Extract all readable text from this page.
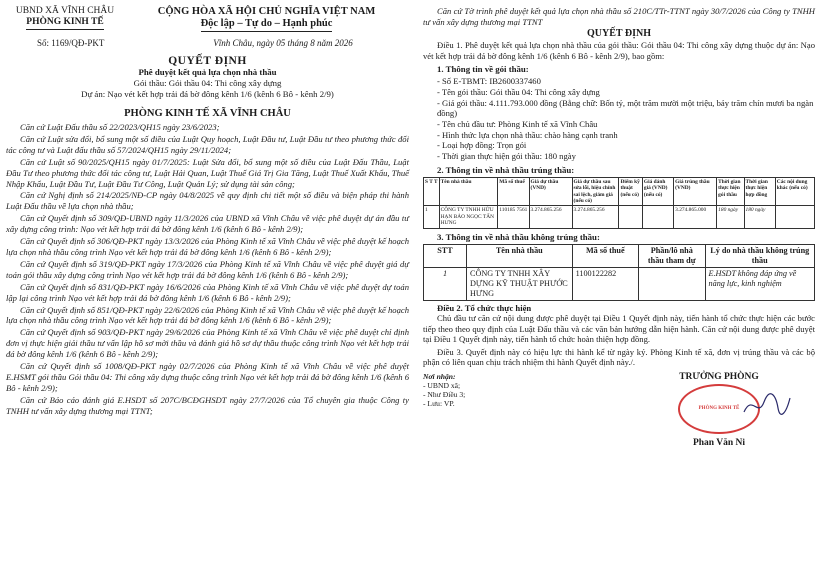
UBND XÃ VĨNH CHÂU
PHÒNG KINH TẾ
CỘNG HÒA XÃ HỘI CHỦ NGHĨA VIỆT NAM
Độc lập – Tự do – Hạnh phúc
Số: 1169/QĐ-PKT	Vĩnh Châu, ngày 05 tháng 8 năm 2026
QUYẾT ĐỊNH
Phê duyệt kết quả lựa chọn nhà thầu
Gói thầu: Gói thầu 04: Thi công xây dựng
Dự án: Nạo vét kết hợp trải đá bờ đông kênh 1/6 (kênh 6 Bô - kênh 2/9)
PHÒNG KINH TẾ XÃ VĨNH CHÂU

Căn cứ Luật Đấu thầu số 22/2023/QH15 ngày 23/6/2023;

Căn cứ Luật sửa đổi, bổ sung một số điều của Luật Quy hoạch, Luật Đầu tư, Luật Đầu tư theo phương thức đối tác công tư và Luật đấu thầu số 57/2024/QH15 ngày 29/11/2024;

Căn cứ Luật số 90/2025/QH15 ngày 01/7/2025: Luật Sửa đổi, bổ sung một số điều của Luật Đấu Thầu, Luật Đầu Tư theo phương thức đối tác công tư, Luật Hải Quan, Luật Thuế Giá Trị Gia Tăng, Luật Thuế Xuất Khẩu, Thuế Nhập Khẩu, Luật Đầu Tư, Luật Đầu Tư Công, Luật Quản Lý; sử dụng tài sản công;

Căn cứ Nghị định số 214/2025/NĐ-CP ngày 04/8/2025 về quy định chi tiết một số điều và biện pháp thi hành Luật Đấu thầu về lựa chọn nhà thầu;

Căn cứ Quyết định số 309/QĐ-UBND ngày 11/3/2026 của UBND xã Vĩnh Châu về việc phê duyệt dự án đầu tư xây dựng công trình: Nạo vét kết hợp trải đá bờ đông kênh 1/6 (kênh 6 Bô - kênh 2/9);

Căn cứ Quyết định số 306/QĐ-PKT ngày 13/3/2026 của Phòng Kinh tế xã Vĩnh Châu về việc phê duyệt kế hoạch lựa chọn nhà thầu công trình Nạo vét kết hợp trải đá bờ đông kênh 1/6 (kênh 6 Bô - kênh 2/9);

Căn cứ Quyết định số 319/QĐ-PKT ngày 17/3/2026 của Phòng Kinh tế xã Vĩnh Châu về việc phê duyệt giá dự toán gói thầu xây dựng công trình Nạo vét kết hợp trải đá bờ đông kênh 1/6 (kênh 6 Bô - kênh 2/9);

Căn cứ Quyết định số 831/QĐ-PKT ngày 16/6/2026 của Phòng Kinh tế xã Vĩnh Châu về việc phê duyệt dự toán lập lại công trình Nạo vét kết hợp trải đá bờ đông kênh 1/6 (kênh 6 Bô - kênh 2/9);

Căn cứ Quyết định số 851/QĐ-PKT ngày 22/6/2026 của Phòng Kinh tế xã Vĩnh Châu về việc phê duyệt kế hoạch lựa chọn nhà thầu công trình Nạo vét kết hợp trải đá bờ đông kênh 1/6 (kênh 6 Bô - kênh 2/9);

Căn cứ Quyết định số 903/QĐ-PKT ngày 29/6/2026 của Phòng Kinh tế xã Vĩnh Châu về việc phê duyệt chỉ định đơn vị thực hiện giải thầu tư vấn lập hồ sơ mời thầu và đánh giá hồ sơ dự thầu thuộc công trình Nạo vét kết hợp trải đá bờ đông kênh 1/6 (kênh 6 Bô - kênh 2/9);

Căn cứ Quyết định số 1008/QĐ-PKT ngày 02/7/2026 của Phòng Kinh tế xã Vĩnh Châu về việc phê duyệt E.HSMT gói thầu Gói thầu 04: Thi công xây dựng thuộc công trình Nạo vét kết hợp trải đá bờ đông kênh 1/6 (kênh 6 Bô - kênh 2/9);

Căn cứ Báo cáo đánh giá E.HSDT số 207C/BCĐGHSDT ngày 27/7/2026 của Tổ chuyên gia thuộc Công ty TNHH tư vấn xây dựng thương mại TTNT;

Căn cứ Tờ trình phê duyệt kết quả lựa chọn nhà thầu số 210C/TTr-TTNT ngày 30/7/2026 của Công ty TNHH tư vấn xây dựng thương mại TTNT
QUYẾT ĐỊNH

Điều 1. Phê duyệt kết quả lựa chọn nhà thầu của gói thầu: Gói thầu 04: Thi công xây dựng thuộc dự án: Nạo vét kết hợp trải đá bờ đông kênh 1/6 (kênh 6 Bô - kênh 2/9), bao gồm:

1. Thông tin về gói thầu:

- Số E-TBMT: IB2600337460

- Tên gói thầu: Gói thầu 04: Thi công xây dựng

- Giá gói thầu: 4.111.793.000 đồng (Bằng chữ: Bốn tỷ, một trăm mười một triệu, bảy trăm chín mươi ba ngàn đồng)

- Tên chủ đầu tư: Phòng Kinh tế xã Vĩnh Châu

- Hình thức lựa chọn nhà thầu: chào hàng cạnh tranh

- Loại hợp đồng: Trọn gói

- Thời gian thực hiện gói thầu: 180 ngày

2. Thông tin về nhà thầu trúng thầu:
S T T	Tên nhà thầu	Mã số thuế	Giá dự thầu (VND)	Giá dự thầu sau sửa lỗi, hiệu chỉnh sai lệch, giảm giá (nếu có)	Điểm kỹ thuật (nếu có)	Giá đánh giá (VND) (nếu có)	Giá trúng thầu (VND)	Thời gian thực hiện gói thầu	Thời gian thực hiện hợp đồng	Các nội dung khác (nếu có)
1	CÔNG TY TNHH HỮU HẠN BẢO NGỌC TẤN HƯNG	110185 7561	3.274.865.256	3.274.865.256			3.274.865.000	180 ngày	180 ngày	
3. Thông tin về nhà thầu không trúng thầu:
STT	Tên nhà thầu	Mã số thuế	Phần/lô nhà thầu tham dự	Lý do nhà thầu không trúng thầu
1	CÔNG TY TNHH XÂY DỰNG KỸ THUẬT PHƯỚC HƯNG	1100122282		E.HSDT không đáp ứng về năng lực, kinh nghiệm

Điều 2. Tổ chức thực hiện

Chủ đầu tư căn cứ nội dung được phê duyệt tại Điều 1 Quyết định này, tiến hành tổ chức thực hiện các bước tiếp theo theo quy định của Luật Đấu thầu và các văn bản hướng dẫn hiện hành. Căn cứ nội dung được phê duyệt tại Điều 1 Quyết định này, tiến hành tổ chức hoàn thiện hợp đồng.

Điều 3. Quyết định này có hiệu lực thi hành kể từ ngày ký. Phòng Kinh tế xã, đơn vị trúng thầu và các bộ phận có liên quan chịu trách nhiệm thi hành Quyết định này./.

Nơi nhận:
- UBND xã;
- Như Điều 3;
- Lưu: VP.
TRƯỞNG PHÒNG
PHÒNG KINH TẾ
Phan Văn Ni
